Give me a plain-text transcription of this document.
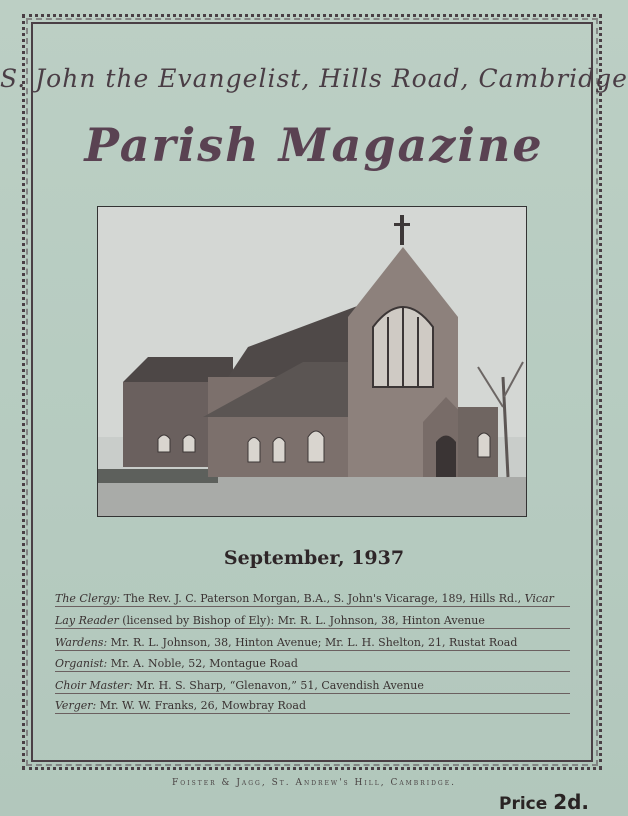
S. John the Evangelist, Hills Road, Cambridge
Parish Magazine
September, 1937
The Clergy: The Rev. J. C. Paterson Morgan, B.A., S. John's Vicarage, 189, Hills Rd., Vicar
Lay Reader (licensed by Bishop of Ely): Mr. R. L. Johnson, 38, Hinton Avenue
Wardens: Mr. R. L. Johnson, 38, Hinton Avenue; Mr. L. H. Shelton, 21, Rustat Road
Organist: Mr. A. Noble, 52, Montague Road
Choir Master: Mr. H. S. Sharp, “Glenavon,” 51, Cavendish Avenue
Verger: Mr. W. W. Franks, 26, Mowbray Road
Foister & Jagg, St. Andrew's Hill, Cambridge.
Price 2d.
